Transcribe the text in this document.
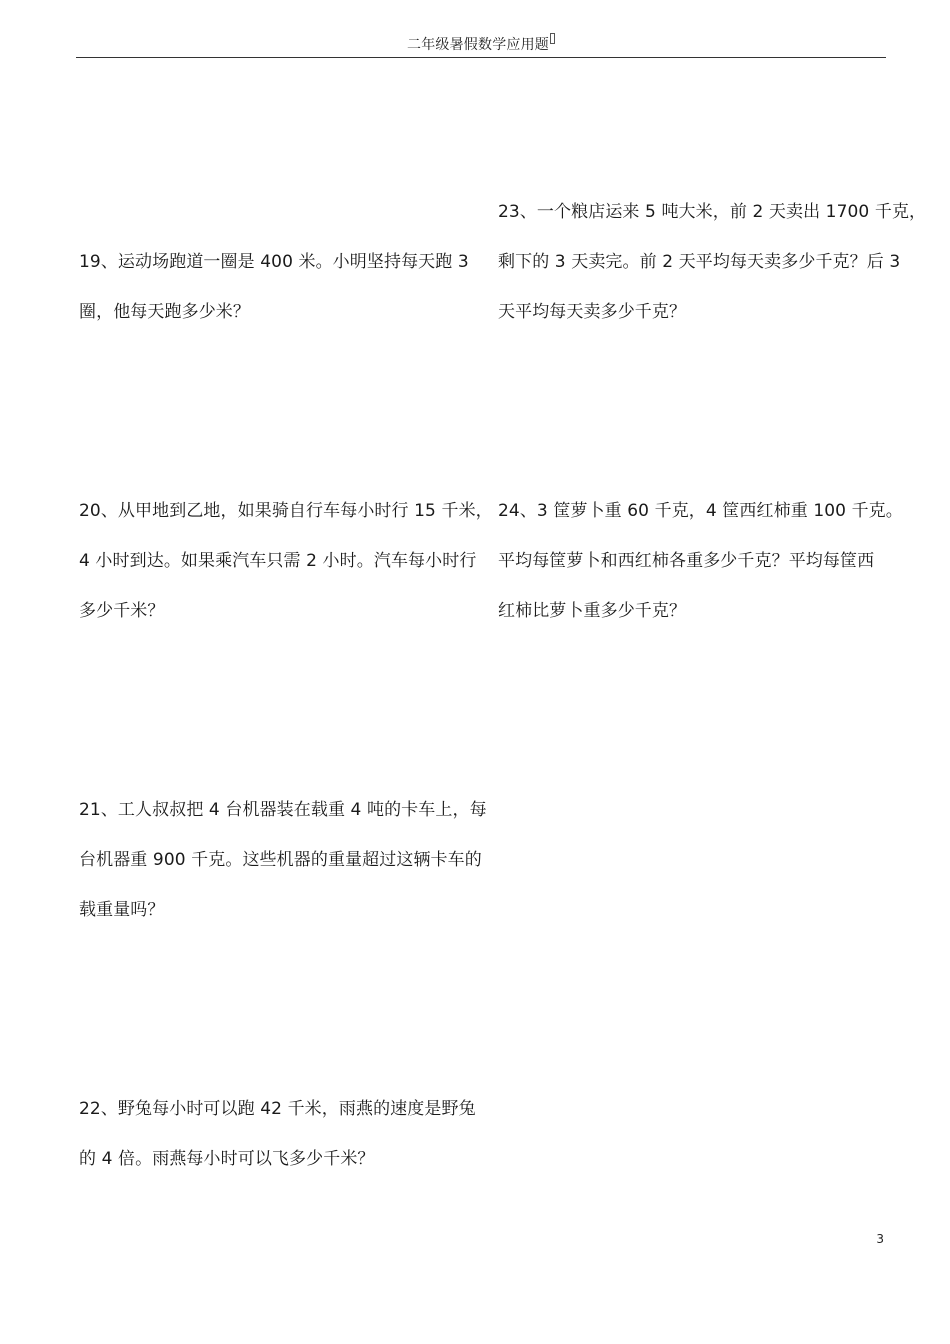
二年级暑假数学应用题
19、运动场跑道一圈是 400 米。小明坚持每天跑 3
圈，他每天跑多少米？
20、从甲地到乙地，如果骑自行车每小时行 15 千米，
4 小时到达。如果乘汽车只需 2 小时。汽车每小时行
多少千米？
21、工人叔叔把 4 台机器装在载重 4 吨的卡车上，每
台机器重 900 千克。这些机器的重量超过这辆卡车的
载重量吗？
22、野兔每小时可以跑 42 千米，雨燕的速度是野兔
的 4 倍。雨燕每小时可以飞多少千米？
23、一个粮店运来 5 吨大米，前 2 天卖出 1700 千克，
剩下的 3 天卖完。前 2 天平均每天卖多少千克？后 3
天平均每天卖多少千克？
24、3 筐萝卜重 60 千克，4 筐西红柿重 100 千克。
平均每筐萝卜和西红柿各重多少千克？平均每筐西
红柿比萝卜重多少千克？
3
